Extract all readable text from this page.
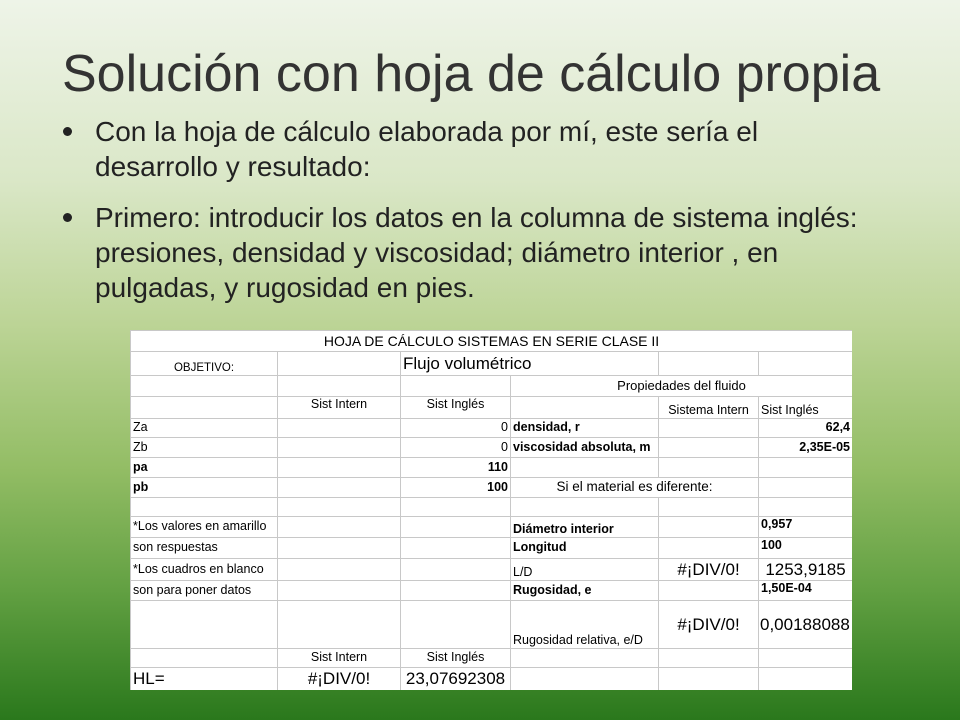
Solución con hoja de cálculo propia
Con la hoja de cálculo elaborada por mí, este sería el desarrollo y resultado:
Primero: introducir los datos en la columna de sistema inglés: presiones, densidad y viscosidad; diámetro interior , en pulgadas, y rugosidad en pies.
HOJA DE CÁLCULO SISTEMAS EN SERIE CLASE II					
OBJETIVO:		Flujo volumétrico			
			Propiedades del fluido		
	Sist Intern	Sist Inglés		Sistema Intern	Sist Inglés
Za		0	densidad, r		62,4
Zb		0	viscosidad absoluta, m		2,35E-05
pa		110			
pb		100	Si el material es diferente:		

*Los valores en amarillo			Diámetro interior		0,957
son respuestas			Longitud		100
*Los cuadros en blanco			L/D	#¡DIV/0!	1253,9185
son para poner datos			Rugosidad, e		1,50E-04
			Rugosidad relativa, e/D	#¡DIV/0!	0,00188088
	Sist Intern	Sist Inglés			
HL=	#¡DIV/0!	23,07692308			
